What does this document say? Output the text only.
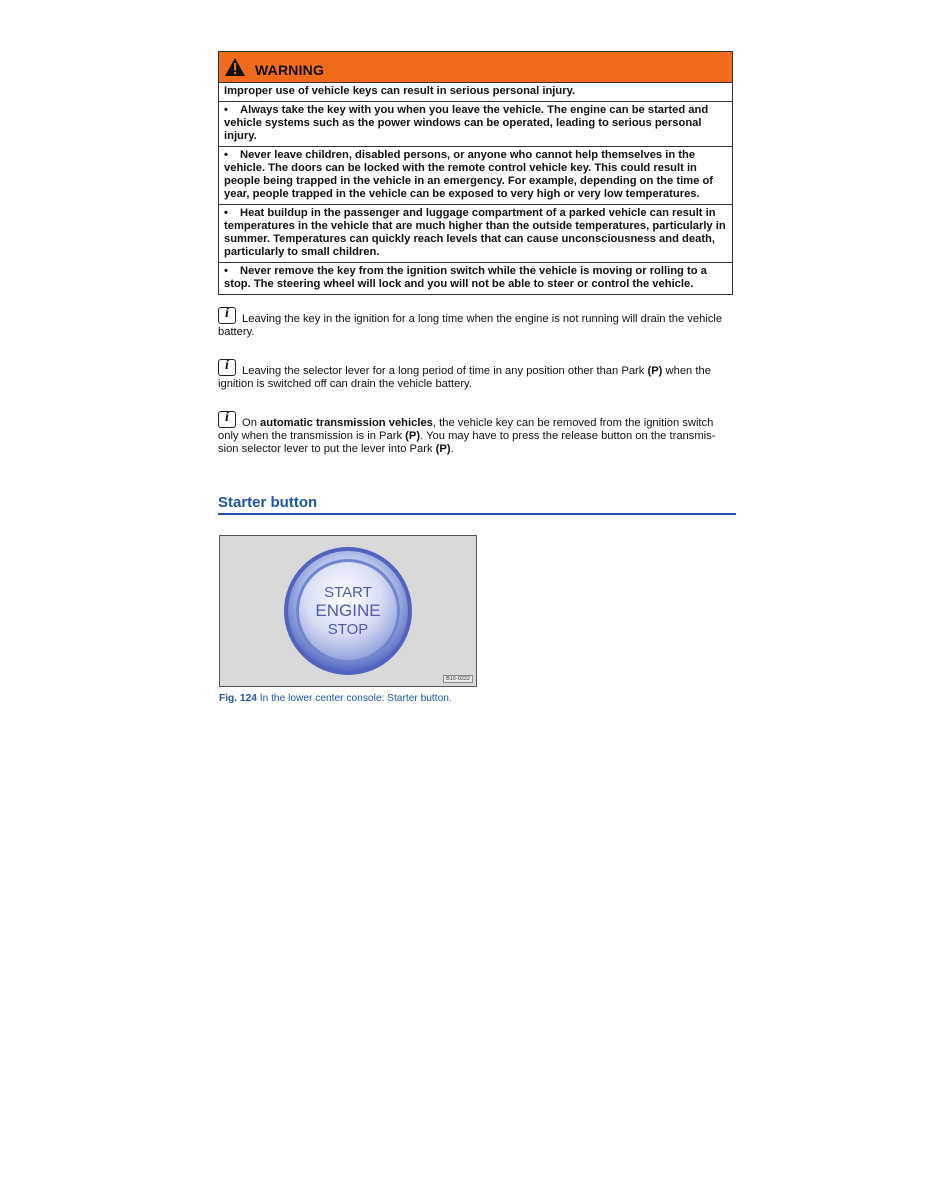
WARNING
Improper use of vehicle keys can result in serious personal injury.
• Always take the key with you when you leave the vehicle. The engine can be started and vehicle systems such as the power windows can be operated, leading to serious personal injury.
• Never leave children, disabled persons, or anyone who cannot help themselves in the vehicle. The doors can be locked with the remote control vehicle key. This could result in people being trapped in the vehicle in an emergency. For example, depending on the time of year, people trapped in the vehicle can be exposed to very high or very low temperatures.
• Heat buildup in the passenger and luggage compartment of a parked vehicle can result in temperatures in the vehicle that are much higher than the outside temperatures, particularly in summer. Temperatures can quickly reach levels that can cause unconsciousness and death, particularly to small children.
• Never remove the key from the ignition switch while the vehicle is moving or rolling to a stop. The steering wheel will lock and you will not be able to steer or control the vehicle.
i	Leaving the key in the ignition for a long time when the engine is not running will drain the vehicle battery.
i	Leaving the selector lever for a long period of time in any position other than Park (P) when the ignition is switched off can drain the vehicle battery.
i	On automatic transmission vehicles, the vehicle key can be removed from the ignition switch only when the transmission is in Park (P). You may have to press the release button on the transmis-sion selector lever to put the lever into Park (P).
Starter button
START
ENGINE
STOP
B16-0222
Fig. 124 In the lower center console: Starter button.
